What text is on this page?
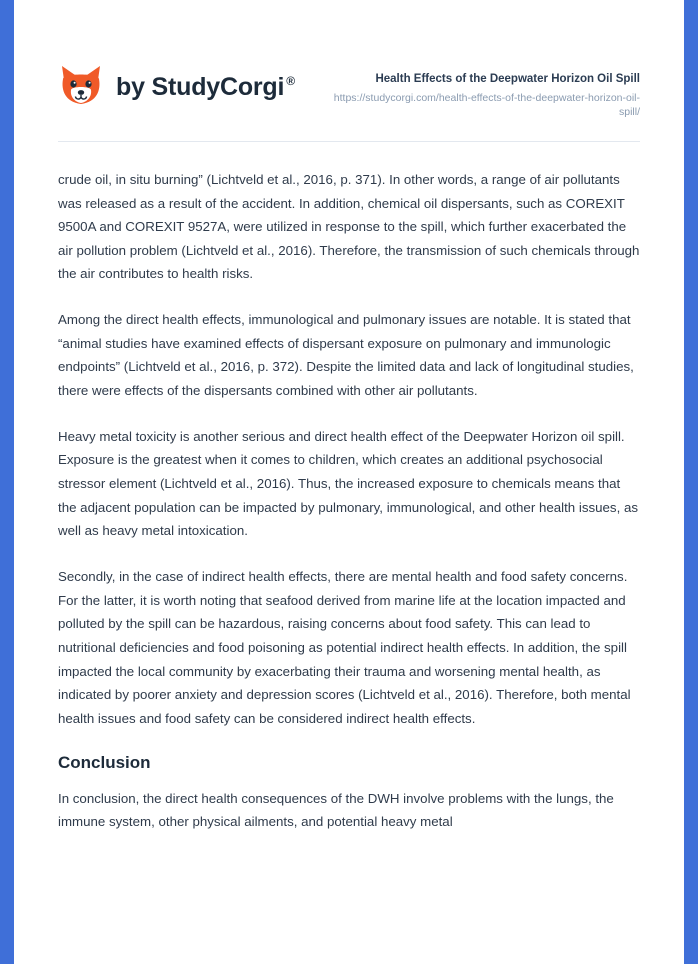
by StudyCorgi ®	Health Effects of the Deepwater Horizon Oil Spill
https://studycorgi.com/health-effects-of-the-deepwater-horizon-oil-spill/

crude oil, in situ burning” (Lichtveld et al., 2016, p. 371). In other words, a range of air pollutants was released as a result of the accident. In addition, chemical oil dispersants, such as COREXIT 9500A and COREXIT 9527A, were utilized in response to the spill, which further exacerbated the air pollution problem (Lichtveld et al., 2016). Therefore, the transmission of such chemicals through the air contributes to health risks.

Among the direct health effects, immunological and pulmonary issues are notable. It is stated that “animal studies have examined effects of dispersant exposure on pulmonary and immunologic endpoints” (Lichtveld et al., 2016, p. 372). Despite the limited data and lack of longitudinal studies, there were effects of the dispersants combined with other air pollutants.

Heavy metal toxicity is another serious and direct health effect of the Deepwater Horizon oil spill. Exposure is the greatest when it comes to children, which creates an additional psychosocial stressor element (Lichtveld et al., 2016). Thus, the increased exposure to chemicals means that the adjacent population can be impacted by pulmonary, immunological, and other health issues, as well as heavy metal intoxication.

Secondly, in the case of indirect health effects, there are mental health and food safety concerns. For the latter, it is worth noting that seafood derived from marine life at the location impacted and polluted by the spill can be hazardous, raising concerns about food safety. This can lead to nutritional deficiencies and food poisoning as potential indirect health effects. In addition, the spill impacted the local community by exacerbating their trauma and worsening mental health, as indicated by poorer anxiety and depression scores (Lichtveld et al., 2016). Therefore, both mental health issues and food safety can be considered indirect health effects.

Conclusion

In conclusion, the direct health consequences of the DWH involve problems with the lungs, the immune system, other physical ailments, and potential heavy metal
